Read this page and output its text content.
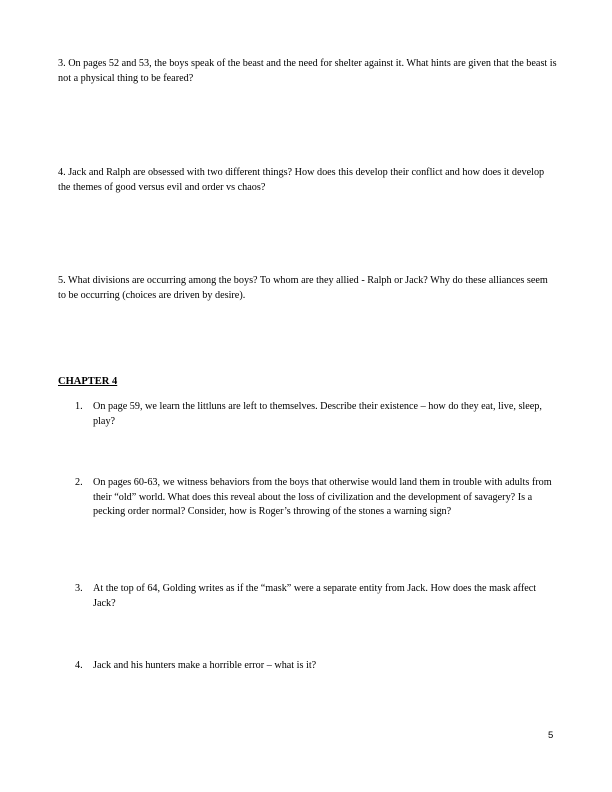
3. On pages 52 and 53, the boys speak of the beast and the need for shelter against it. What hints are given that the beast is not a physical thing to be feared?

4. Jack and Ralph are obsessed with two different things? How does this develop their conflict and how does it develop the themes of good versus evil and order vs chaos?

5. What divisions are occurring among the boys? To whom are they allied - Ralph or Jack? Why do these alliances seem to be occurring (choices are driven by desire).

CHAPTER 4

1. On page 59, we learn the littluns are left to themselves. Describe their existence – how do they eat, live, sleep, play?
2. On pages 60-63, we witness behaviors from the boys that otherwise would land them in trouble with adults from their “old” world. What does this reveal about the loss of civilization and the development of savagery? Is a pecking order normal? Consider, how is Roger’s throwing of the stones a warning sign?
3. At the top of 64, Golding writes as if the “mask” were a separate entity from Jack. How does the mask affect Jack?
4. Jack and his hunters make a horrible error – what is it?
5
